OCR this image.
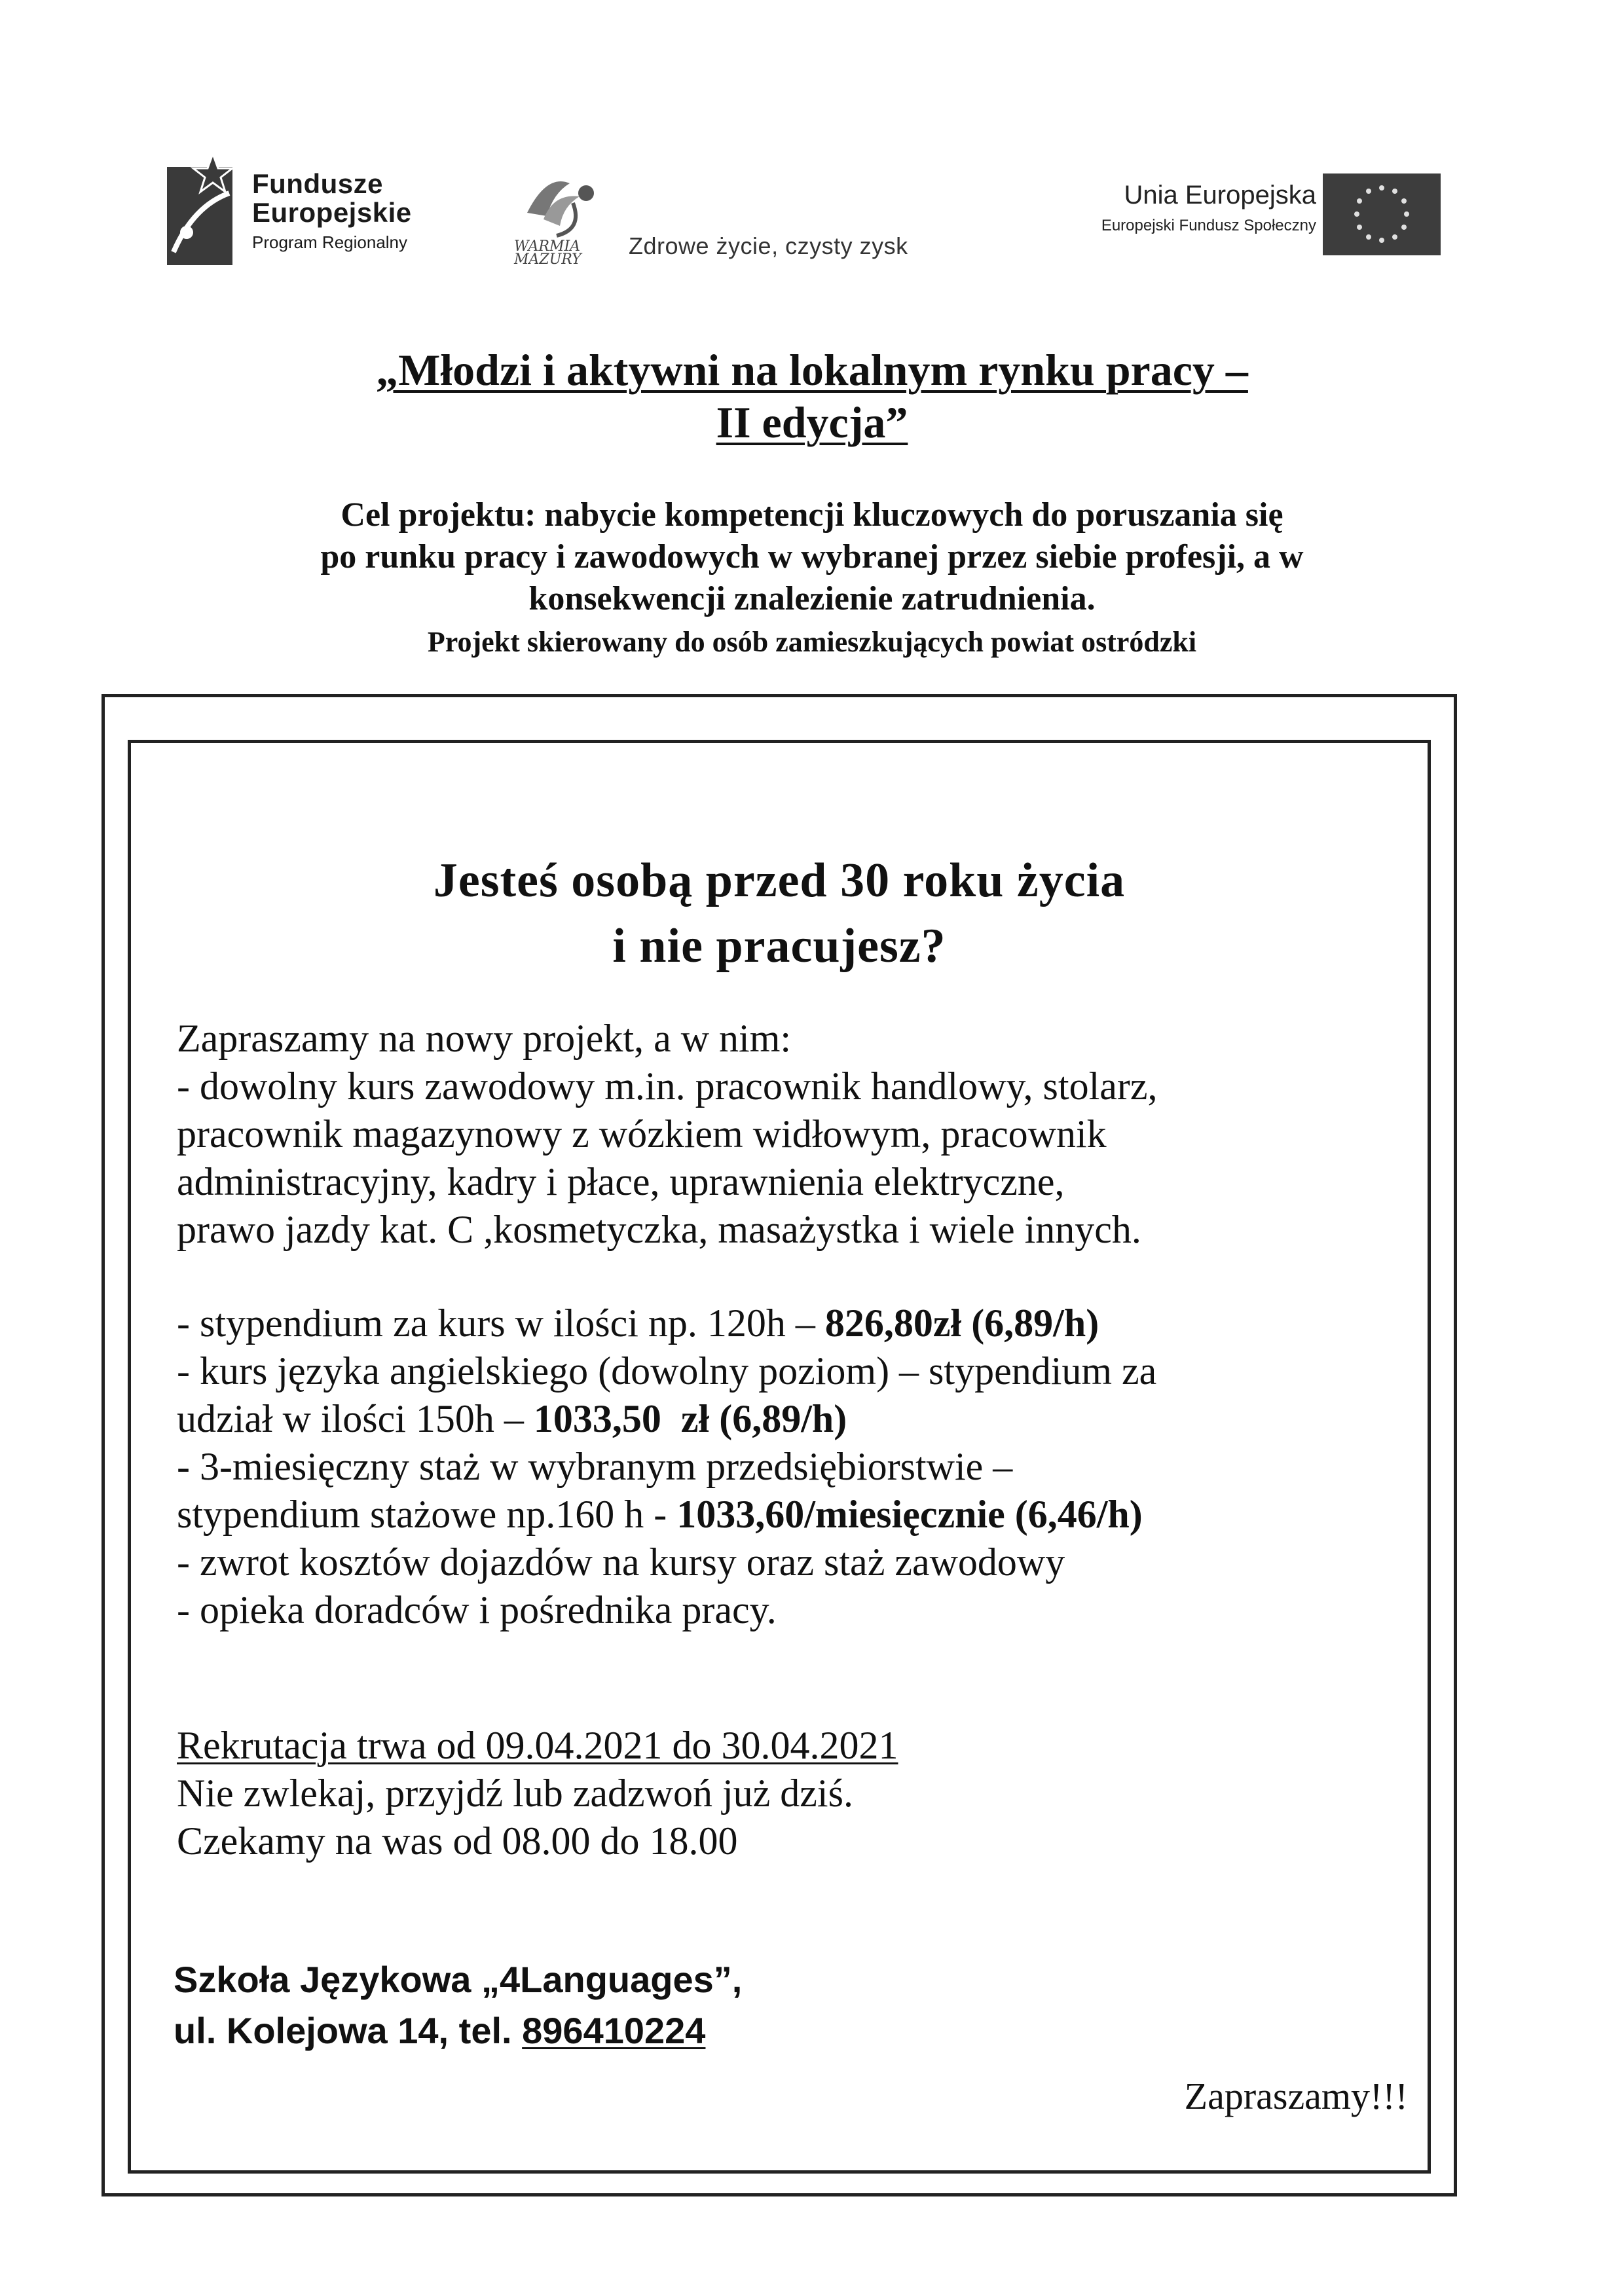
Fundusze
Europejskie
Program Regionalny	WARMIA
MAZURY
Zdrowe życie, czysty zysk
Unia Europejska
Europejski Fundusz Społeczny
„Młodzi i aktywni na lokalnym rynku pracy –
II edycja”
Cel projektu: nabycie kompetencji kluczowych do poruszania się
po runku pracy i zawodowych w wybranej przez siebie profesji, a w
konsekwencji znalezienie zatrudnienia.
Projekt skierowany do osób zamieszkujących powiat ostródzki
Jesteś osobą przed 30 roku życia
i nie pracujesz?
Zapraszamy na nowy projekt, a w nim:
- dowolny kurs zawodowy m.in. pracownik handlowy, stolarz,
pracownik magazynowy z wózkiem widłowym, pracownik
administracyjny, kadry i płace, uprawnienia elektryczne,
prawo jazdy kat. C ,kosmetyczka, masażystka i wiele innych.
- stypendium za kurs w ilości np. 120h – 826,80zł (6,89/h)
- kurs języka angielskiego (dowolny poziom) – stypendium za
udział w ilości 150h – 1033,50  zł (6,89/h)
- 3-miesięczny staż w wybranym przedsiębiorstwie –
stypendium stażowe np.160 h - 1033,60/miesięcznie (6,46/h)
- zwrot kosztów dojazdów na kursy oraz staż zawodowy
- opieka doradców i pośrednika pracy.
Rekrutacja trwa od 09.04.2021 do 30.04.2021
Nie zwlekaj, przyjdź lub zadzwoń już dziś.
Czekamy na was od 08.00 do 18.00
Szkoła Językowa „4Languages”,
ul. Kolejowa 14, tel. 896410224
Zapraszamy!!!
